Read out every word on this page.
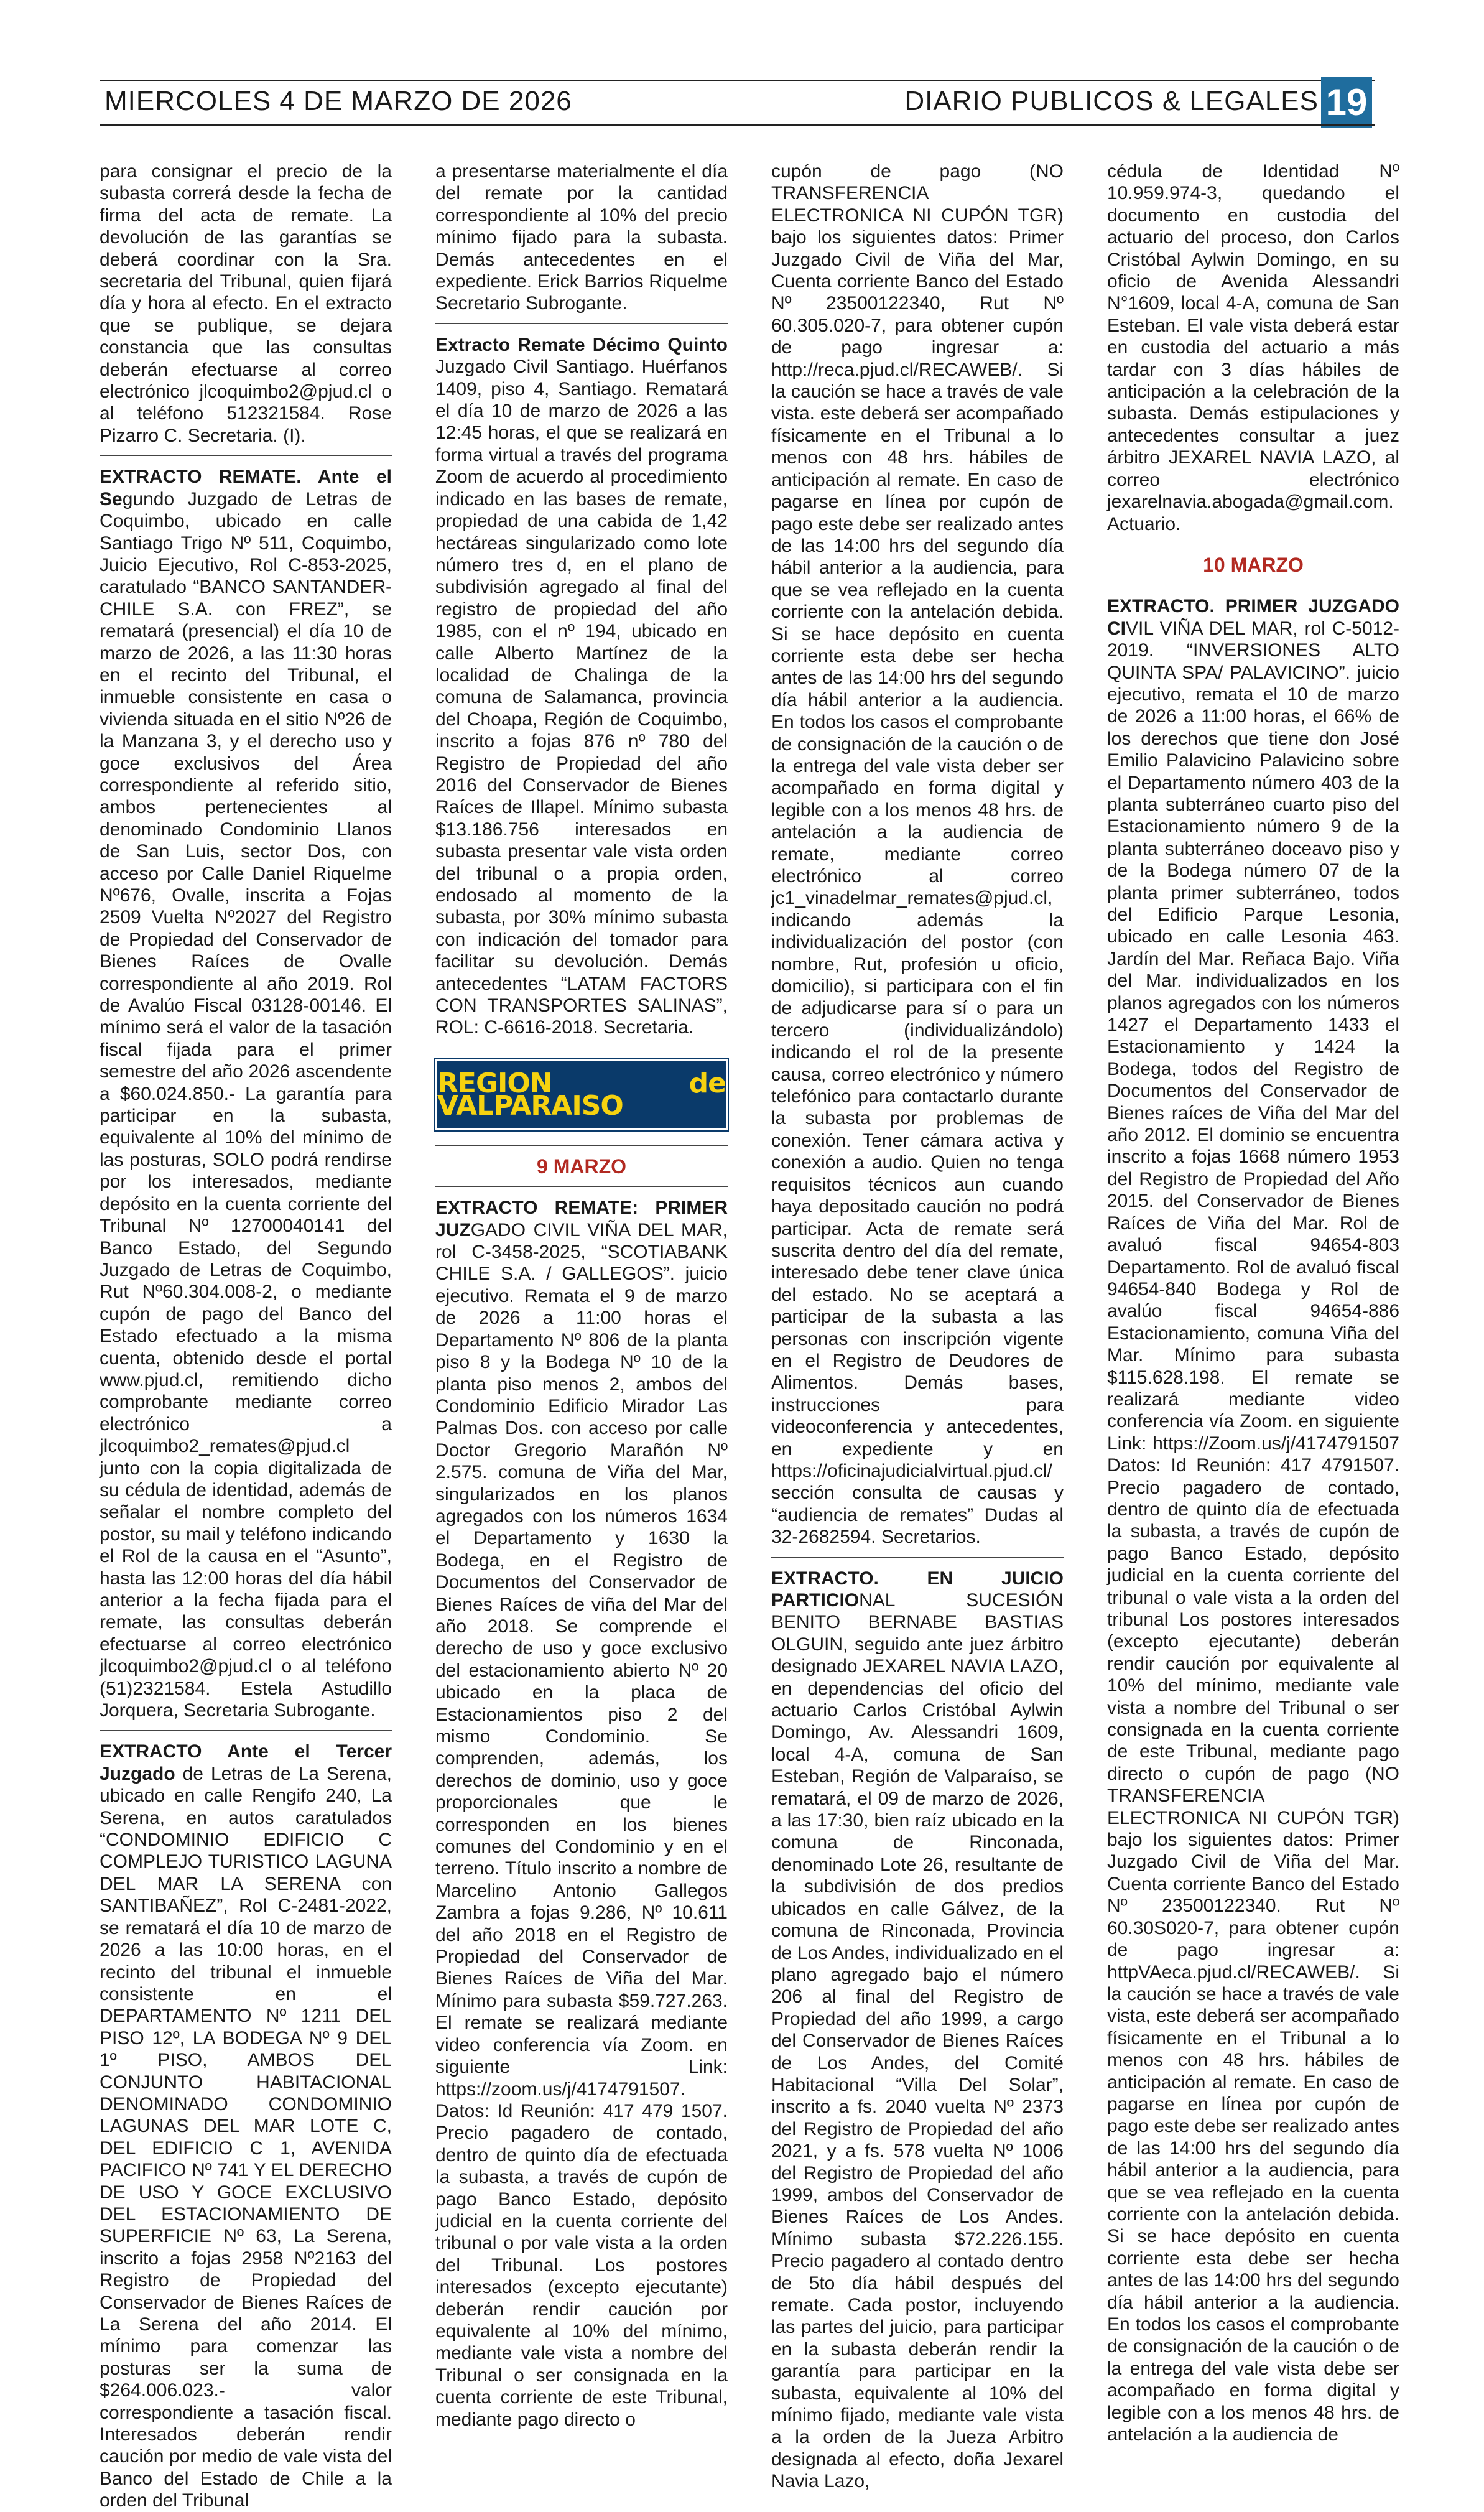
MIERCOLES 4 DE MARZO DE 2026	DIARIO PUBLICOS & LEGALES 19

para consignar el precio de la subasta correrá desde la fecha de firma del acta de remate. La devolución de las garantías se deberá coordinar con la Sra. secretaria del Tribunal, quien fijará día y hora al efecto. En el extracto que se publique, se dejara constancia que las consultas deberán efectuarse al correo electrónico jlcoquimbo2@pjud.cl o al teléfono 512321584. Rose Pizarro C. Secretaria. (I).

EXTRACTO REMATE. Ante el Segundo Juzgado de Letras de Coquimbo, ubicado en calle Santiago Trigo Nº 511, Coquimbo, Juicio Ejecutivo, Rol C-853-2025, caratulado “BANCO SANTANDER-CHILE S.A. con FREZ”, se rematará (presencial) el día 10 de marzo de 2026, a las 11:30 horas en el recinto del Tribunal, el inmueble consistente en casa o vivienda situada en el sitio Nº26 de la Manzana 3, y el derecho uso y goce exclusivos del Área correspondiente al referido sitio, ambos pertenecientes al denominado Condominio Llanos de San Luis, sector Dos, con acceso por Calle Daniel Riquelme Nº676, Ovalle, inscrita a Fojas 2509 Vuelta Nº2027 del Registro de Propiedad del Conservador de Bienes Raíces de Ovalle correspondiente al año 2019. Rol de Avalúo Fiscal 03128-00146. El mínimo será el valor de la tasación fiscal fijada para el primer semestre del año 2026 ascendente a $60.024.850.- La garantía para participar en la subasta, equivalente al 10% del mínimo de las posturas, SOLO podrá rendirse por los interesados, mediante depósito en la cuenta corriente del Tribunal Nº 12700040141 del Banco Estado, del Segundo Juzgado de Letras de Coquimbo, Rut Nº60.304.008-2, o mediante cupón de pago del Banco del Estado efectuado a la misma cuenta, obtenido desde el portal www.pjud.cl, remitiendo dicho comprobante mediante correo electrónico a jlcoquimbo2_remates@pjud.cl junto con la copia digitalizada de su cédula de identidad, además de señalar el nombre completo del postor, su mail y teléfono indicando el Rol de la causa en el “Asunto”, hasta las 12:00 horas del día hábil anterior a la fecha fijada para el remate, las consultas deberán efectuarse al correo electrónico jlcoquimbo2@pjud.cl o al teléfono (51)2321584. Estela Astudillo Jorquera, Secretaria Subrogante.

EXTRACTO Ante el Tercer Juzgado de Letras de La Serena, ubicado en calle Rengifo 240, La Serena, en autos caratulados “CONDOMINIO EDIFICIO C COMPLEJO TURISTICO LAGUNA DEL MAR LA SERENA con SANTIBAÑEZ”, Rol C-2481-2022, se rematará el día 10 de marzo de 2026 a las 10:00 horas, en el recinto del tribunal el inmueble consistente en el DEPARTAMENTO Nº 1211 DEL PISO 12º, LA BODEGA Nº 9 DEL 1º PISO, AMBOS DEL CONJUNTO HABITACIONAL DENOMINADO CONDOMINIO LAGUNAS DEL MAR LOTE C, DEL EDIFICIO C 1, AVENIDA PACIFICO Nº 741 Y EL DERECHO DE USO Y GOCE EXCLUSIVO DEL ESTACIONAMIENTO DE SUPERFICIE Nº 63, La Serena, inscrito a fojas 2958 Nº2163 del Registro de Propiedad del Conservador de Bienes Raíces de La Serena del año 2014. El mínimo para comenzar las posturas ser la suma de $264.006.023.- valor correspondiente a tasación fiscal. Interesados deberán rendir caución por medio de vale vista del Banco del Estado de Chile a la orden del Tribunal

a presentarse materialmente el día del remate por la cantidad correspondiente al 10% del precio mínimo fijado para la subasta. Demás antecedentes en el expediente. Erick Barrios Riquelme Secretario Subrogante.

Extracto Remate Décimo Quinto Juzgado Civil Santiago. Huérfanos 1409, piso 4, Santiago. Rematará el día 10 de marzo de 2026 a las 12:45 horas, el que se realizará en forma virtual a través del programa Zoom de acuerdo al procedimiento indicado en las bases de remate, propiedad de una cabida de 1,42 hectáreas singularizado como lote número tres d, en el plano de subdivisión agregado al final del registro de propiedad del año 1985, con el nº 194, ubicado en calle Alberto Martínez de la localidad de Chalinga de la comuna de Salamanca, provincia del Choapa, Región de Coquimbo, inscrito a fojas 876 nº 780 del Registro de Propiedad del año 2016 del Conservador de Bienes Raíces de Illapel. Mínimo subasta $13.186.756 interesados en subasta presentar vale vista orden del tribunal o a propia orden, endosado al momento de la subasta, por 30% mínimo subasta con indicación del tomador para facilitar su devolución. Demás antecedentes “LATAM FACTORS CON TRANSPORTES SALINAS”, ROL: C-6616-2018. Secretaria.

REGION de VALPARAISO
9 MARZO

EXTRACTO REMATE: PRIMER JUZGADO CIVIL VIÑA DEL MAR, rol C-3458-2025, “SCOTIABANK CHILE S.A. / GALLEGOS”. juicio ejecutivo. Remata el 9 de marzo de 2026 a 11:00 horas el Departamento Nº 806 de la planta piso 8 y la Bodega Nº 10 de la planta piso menos 2, ambos del Condominio Edificio Mirador Las Palmas Dos. con acceso por calle Doctor Gregorio Marañón Nº 2.575. comuna de Viña del Mar, singularizados en los planos agregados con los números 1634 el Departamento y 1630 la Bodega, en el Registro de Documentos del Conservador de Bienes Raíces de viña del Mar del año 2018. Se comprende el derecho de uso y goce exclusivo del estacionamiento abierto Nº 20 ubicado en la placa de Estacionamientos piso 2 del mismo Condominio. Se comprenden, además, los derechos de dominio, uso y goce proporcionales que le corresponden en los bienes comunes del Condominio y en el terreno. Título inscrito a nombre de Marcelino Antonio Gallegos Zambra a fojas 9.286, Nº 10.611 del año 2018 en el Registro de Propiedad del Conservador de Bienes Raíces de Viña del Mar. Mínimo para subasta $59.727.263. El remate se realizará mediante video conferencia vía Zoom. en siguiente Link: https://zoom.us/j/4174791507. Datos: Id Reunión: 417 479 1507. Precio pagadero de contado, dentro de quinto día de efectuada la subasta, a través de cupón de pago Banco Estado, depósito judicial en la cuenta corriente del tribunal o por vale vista a la orden del Tribunal. Los postores interesados (excepto ejecutante) deberán rendir caución por equivalente al 10% del mínimo, mediante vale vista a nombre del Tribunal o ser consignada en la cuenta corriente de este Tribunal, mediante pago directo o

cupón de pago (NO TRANSFERENCIA ELECTRONICA NI CUPÓN TGR) bajo los siguientes datos: Primer Juzgado Civil de Viña del Mar, Cuenta corriente Banco del Estado Nº 23500122340, Rut Nº 60.305.020-7, para obtener cupón de pago ingresar a: http://reca.pjud.cl/RECAWEB/. Si la caución se hace a través de vale vista. este deberá ser acompañado físicamente en el Tribunal a lo menos con 48 hrs. hábiles de anticipación al remate. En caso de pagarse en línea por cupón de pago este debe ser realizado antes de las 14:00 hrs del segundo día hábil anterior a la audiencia, para que se vea reflejado en la cuenta corriente con la antelación debida. Si se hace depósito en cuenta corriente esta debe ser hecha antes de las 14:00 hrs del segundo día hábil anterior a la audiencia. En todos los casos el comprobante de consignación de la caución o de la entrega del vale vista deber ser acompañado en forma digital y legible con a los menos 48 hrs. de antelación a la audiencia de remate, mediante correo electrónico al correo jc1_vinadelmar_remates@pjud.cl, indicando además la individualización del postor (con nombre, Rut, profesión u oficio, domicilio), si participara con el fin de adjudicarse para sí o para un tercero (individualizándolo) indicando el rol de la presente causa, correo electrónico y número telefónico para contactarlo durante la subasta por problemas de conexión. Tener cámara activa y conexión a audio. Quien no tenga requisitos técnicos aun cuando haya depositado caución no podrá participar. Acta de remate será suscrita dentro del día del remate, interesado debe tener clave única del estado. No se aceptará a participar de la subasta a las personas con inscripción vigente en el Registro de Deudores de Alimentos. Demás bases, instrucciones para videoconferencia y antecedentes, en expediente y en https://oficinajudicialvirtual.pjud.cl/ sección consulta de causas y “audiencia de remates” Dudas al 32-2682594. Secretarios.

EXTRACTO. EN JUICIO PARTICIONAL SUCESIÓN BENITO BERNABE BASTIAS OLGUIN, seguido ante juez árbitro designado JEXAREL NAVIA LAZO, en dependencias del oficio del actuario Carlos Cristóbal Aylwin Domingo, Av. Alessandri 1609, local 4-A, comuna de San Esteban, Región de Valparaíso, se rematará, el 09 de marzo de 2026, a las 17:30, bien raíz ubicado en la comuna de Rinconada, denominado Lote 26, resultante de la subdivisión de dos predios ubicados en calle Gálvez, de la comuna de Rinconada, Provincia de Los Andes, individualizado en el plano agregado bajo el número 206 al final del Registro de Propiedad del año 1999, a cargo del Conservador de Bienes Raíces de Los Andes, del Comité Habitacional “Villa Del Solar”, inscrito a fs. 2040 vuelta Nº 2373 del Registro de Propiedad del año 2021, y a fs. 578 vuelta Nº 1006 del Registro de Propiedad del año 1999, ambos del Conservador de Bienes Raíces de Los Andes. Mínimo subasta $72.226.155. Precio pagadero al contado dentro de 5to día hábil después del remate. Cada postor, incluyendo las partes del juicio, para participar en la subasta deberán rendir la garantía para participar en la subasta, equivalente al 10% del mínimo fijado, mediante vale vista a la orden de la Jueza Arbitro designada al efecto, doña Jexarel Navia Lazo,

cédula de Identidad Nº 10.959.974-3, quedando el documento en custodia del actuario del proceso, don Carlos Cristóbal Aylwin Domingo, en su oficio de Avenida Alessandri N°1609, local 4-A, comuna de San Esteban. El vale vista deberá estar en custodia del actuario a más tardar con 3 días hábiles de anticipación a la celebración de la subasta. Demás estipulaciones y antecedentes consultar a juez árbitro JEXAREL NAVIA LAZO, al correo electrónico jexarelnavia.abogada@gmail.com. Actuario.

10 MARZO

EXTRACTO. PRIMER JUZGADO CIVIL VIÑA DEL MAR, rol C-5012-2019. “INVERSIONES ALTO QUINTA SPA/ PALAVICINO”. juicio ejecutivo, remata el 10 de marzo de 2026 a 11:00 horas, el 66% de los derechos que tiene don José Emilio Palavicino Palavicino sobre el Departamento número 403 de la planta subterráneo cuarto piso del Estacionamiento número 9 de la planta subterráneo doceavo piso y de la Bodega número 07 de la planta primer subterráneo, todos del Edificio Parque Lesonia, ubicado en calle Lesonia 463. Jardín del Mar. Reñaca Bajo. Viña del Mar. individualizados en los planos agregados con los números 1427 el Departamento 1433 el Estacionamiento y 1424 la Bodega, todos del Registro de Documentos del Conservador de Bienes raíces de Viña del Mar del año 2012. El dominio se encuentra inscrito a fojas 1668 número 1953 del Registro de Propiedad del Año 2015. del Conservador de Bienes Raíces de Viña del Mar. Rol de avaluó fiscal 94654-803 Departamento. Rol de avaluó fiscal 94654-840 Bodega y Rol de avalúo fiscal 94654-886 Estacionamiento, comuna Viña del Mar. Mínimo para subasta $115.628.198. El remate se realizará mediante video conferencia vía Zoom. en siguiente Link: https://Zoom.us/j/4174791507 Datos: Id Reunión: 417 4791507. Precio pagadero de contado, dentro de quinto día de efectuada la subasta, a través de cupón de pago Banco Estado, depósito judicial en la cuenta corriente del tribunal o vale vista a la orden del tribunal Los postores interesados (excepto ejecutante) deberán rendir caución por equivalente al 10% del mínimo, mediante vale vista a nombre del Tribunal o ser consignada en la cuenta corriente de este Tribunal, mediante pago directo o cupón de pago (NO TRANSFERENCIA ELECTRONICA NI CUPÓN TGR) bajo los siguientes datos: Primer Juzgado Civil de Viña del Mar. Cuenta corriente Banco del Estado Nº 23500122340. Rut Nº 60.30S020-7, para obtener cupón de pago ingresar a: httpVAeca.pjud.cl/RECAWEB/. Si la caución se hace a través de vale vista, este deberá ser acompañado físicamente en el Tribunal a lo menos con 48 hrs. hábiles de anticipación al remate. En caso de pagarse en línea por cupón de pago este debe ser realizado antes de las 14:00 hrs del segundo día hábil anterior a la audiencia, para que se vea reflejado en la cuenta corriente con la antelación debida. Si se hace depósito en cuenta corriente esta debe ser hecha antes de las 14:00 hrs del segundo día hábil anterior a la audiencia. En todos los casos el comprobante de consignación de la caución o de la entrega del vale vista debe ser acompañado en forma digital y legible con a los menos 48 hrs. de antelación a la audiencia de
